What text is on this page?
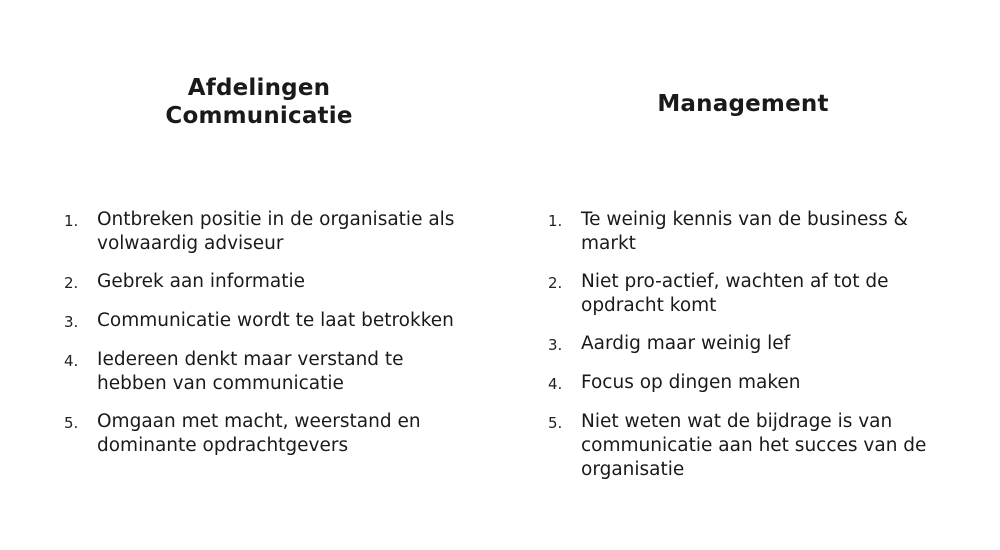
Afdelingen
Communicatie
1.	Ontbreken positie in de organisatie als volwaardig adviseur
2.	Gebrek aan informatie
3.	Communicatie wordt te laat betrokken
4.	Iedereen denkt maar verstand te hebben van communicatie
5.	Omgaan met macht, weerstand en dominante opdrachtgevers
Management
1.	Te weinig kennis van de business & markt
2.	Niet pro-actief, wachten af tot de opdracht komt
3.	Aardig maar weinig lef
4.	Focus op dingen maken
5.	Niet weten wat de bijdrage is van communicatie aan het succes van de organisatie
